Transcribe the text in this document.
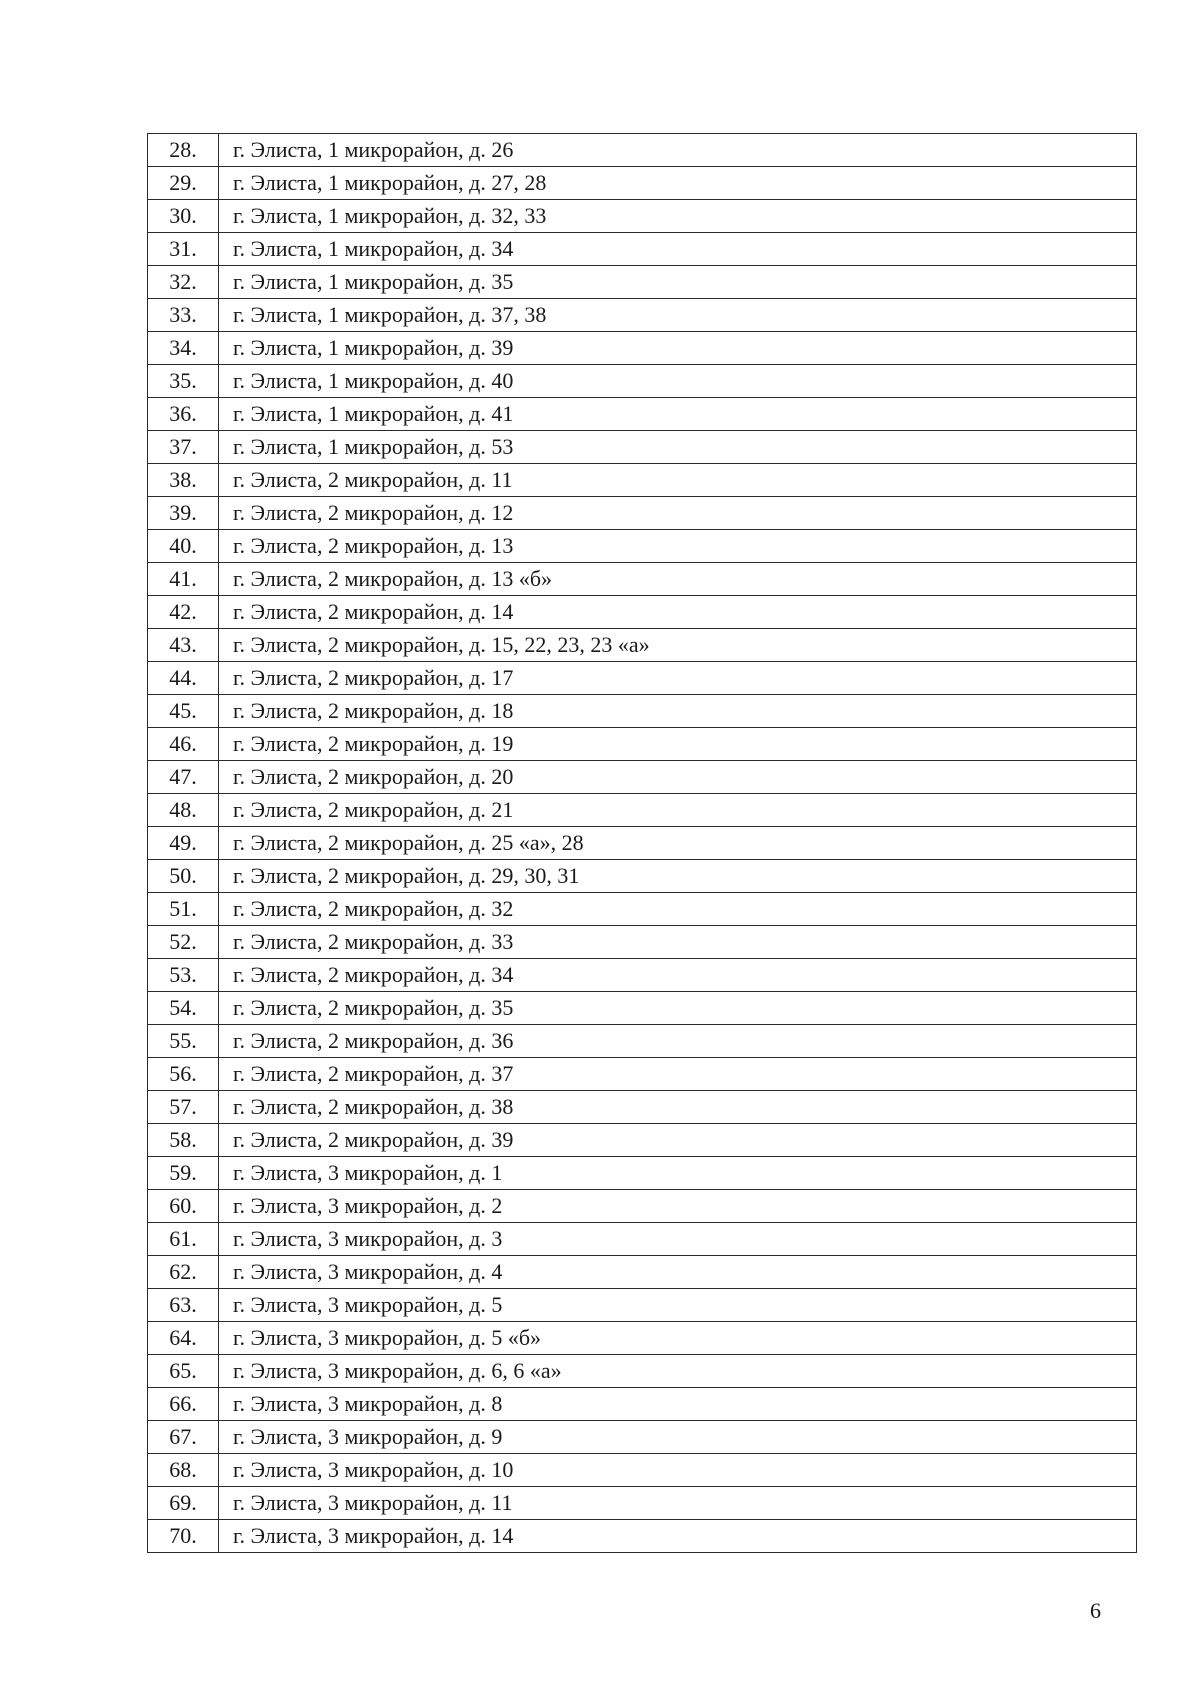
28.	г. Элиста, 1 микрорайон, д. 26
29.	г. Элиста, 1 микрорайон, д. 27, 28
30.	г. Элиста, 1 микрорайон, д. 32, 33
31.	г. Элиста, 1 микрорайон, д. 34
32.	г. Элиста, 1 микрорайон, д. 35
33.	г. Элиста, 1 микрорайон, д. 37, 38
34.	г. Элиста, 1 микрорайон, д. 39
35.	г. Элиста, 1 микрорайон, д. 40
36.	г. Элиста, 1 микрорайон, д. 41
37.	г. Элиста, 1 микрорайон, д. 53
38.	г. Элиста, 2 микрорайон, д. 11
39.	г. Элиста, 2 микрорайон, д. 12
40.	г. Элиста, 2 микрорайон, д. 13
41.	г. Элиста, 2 микрорайон, д. 13 «б»
42.	г. Элиста, 2 микрорайон, д. 14
43.	г. Элиста, 2 микрорайон, д. 15, 22, 23, 23 «а»
44.	г. Элиста, 2 микрорайон, д. 17
45.	г. Элиста, 2 микрорайон, д. 18
46.	г. Элиста, 2 микрорайон, д. 19
47.	г. Элиста, 2 микрорайон, д. 20
48.	г. Элиста, 2 микрорайон, д. 21
49.	г. Элиста, 2 микрорайон, д. 25 «а», 28
50.	г. Элиста, 2 микрорайон, д. 29, 30, 31
51.	г. Элиста, 2 микрорайон, д. 32
52.	г. Элиста, 2 микрорайон, д. 33
53.	г. Элиста, 2 микрорайон, д. 34
54.	г. Элиста, 2 микрорайон, д. 35
55.	г. Элиста, 2 микрорайон, д. 36
56.	г. Элиста, 2 микрорайон, д. 37
57.	г. Элиста, 2 микрорайон, д. 38
58.	г. Элиста, 2 микрорайон, д. 39
59.	г. Элиста, 3 микрорайон, д. 1
60.	г. Элиста, 3 микрорайон, д. 2
61.	г. Элиста, 3 микрорайон, д. 3
62.	г. Элиста, 3 микрорайон, д. 4
63.	г. Элиста, 3 микрорайон, д. 5
64.	г. Элиста, 3 микрорайон, д. 5 «б»
65.	г. Элиста, 3 микрорайон, д. 6, 6 «а»
66.	г. Элиста, 3 микрорайон, д. 8
67.	г. Элиста, 3 микрорайон, д. 9
68.	г. Элиста, 3 микрорайон, д. 10
69.	г. Элиста, 3 микрорайон, д. 11
70.	г. Элиста, 3 микрорайон, д. 14
6
